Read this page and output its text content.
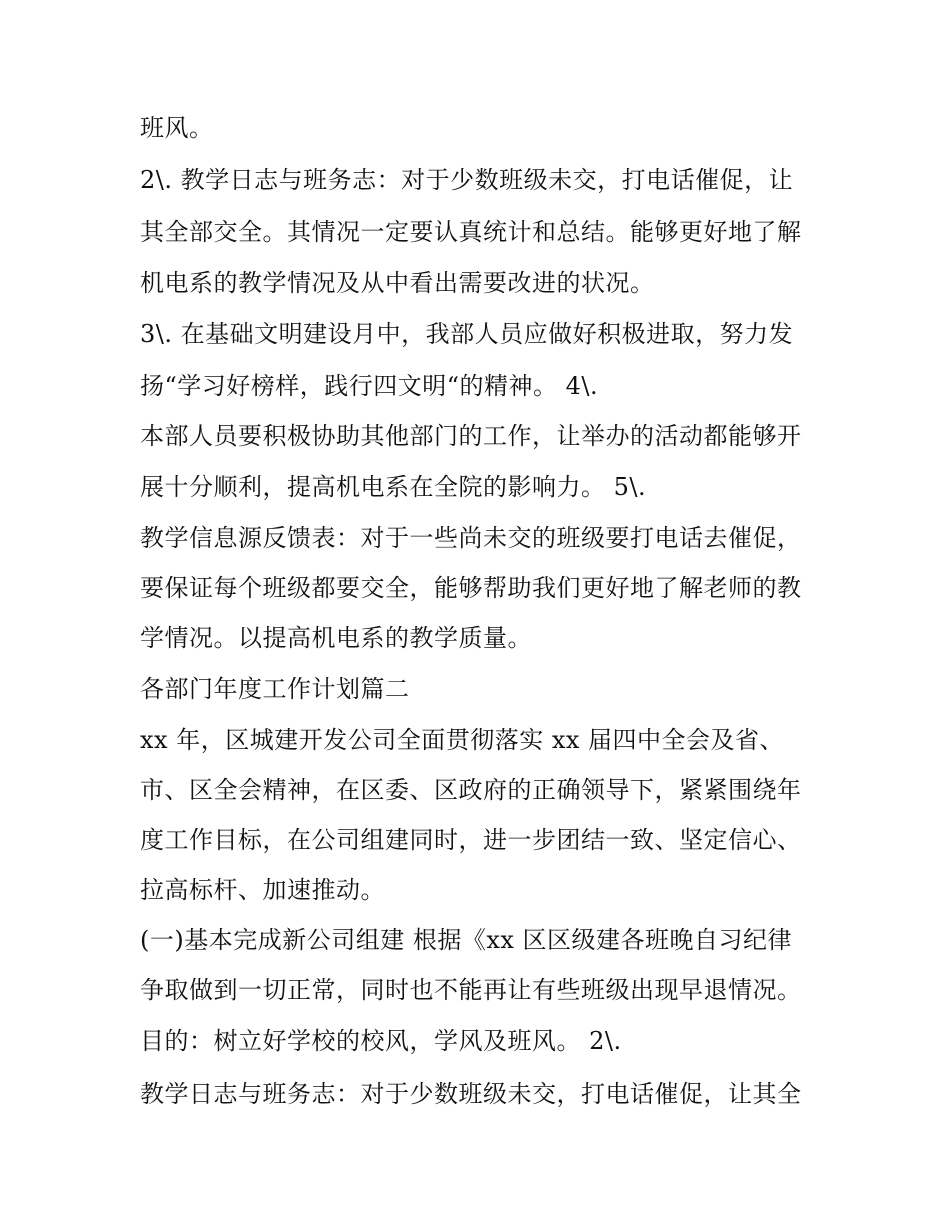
班风。
2\. 教学日志与班务志：对于少数班级未交，打电话催促，让
其全部交全。其情况一定要认真统计和总结。能够更好地了解
机电系的教学情况及从中看出需要改进的状况。
3\. 在基础文明建设月中，我部人员应做好积极进取，努力发
扬“学习好榜样，践行四文明“的精神。 4\.
本部人员要积极协助其他部门的工作，让举办的活动都能够开
展十分顺利，提高机电系在全院的影响力。 5\.
教学信息源反馈表：对于一些尚未交的班级要打电话去催促，
要保证每个班级都要交全，能够帮助我们更好地了解老师的教
学情况。以提高机电系的教学质量。
各部门年度工作计划篇二
xx 年，区城建开发公司全面贯彻落实 xx 届四中全会及省、
市、区全会精神，在区委、区政府的正确领导下，紧紧围绕年
度工作目标，在公司组建同时，进一步团结一致、坚定信心、
拉高标杆、加速推动。
(一)基本完成新公司组建 根据《xx 区区级建各班晚自习纪律
争取做到一切正常，同时也不能再让有些班级出现早退情况。
目的：树立好学校的校风，学风及班风。 2\.
教学日志与班务志：对于少数班级未交，打电话催促，让其全
